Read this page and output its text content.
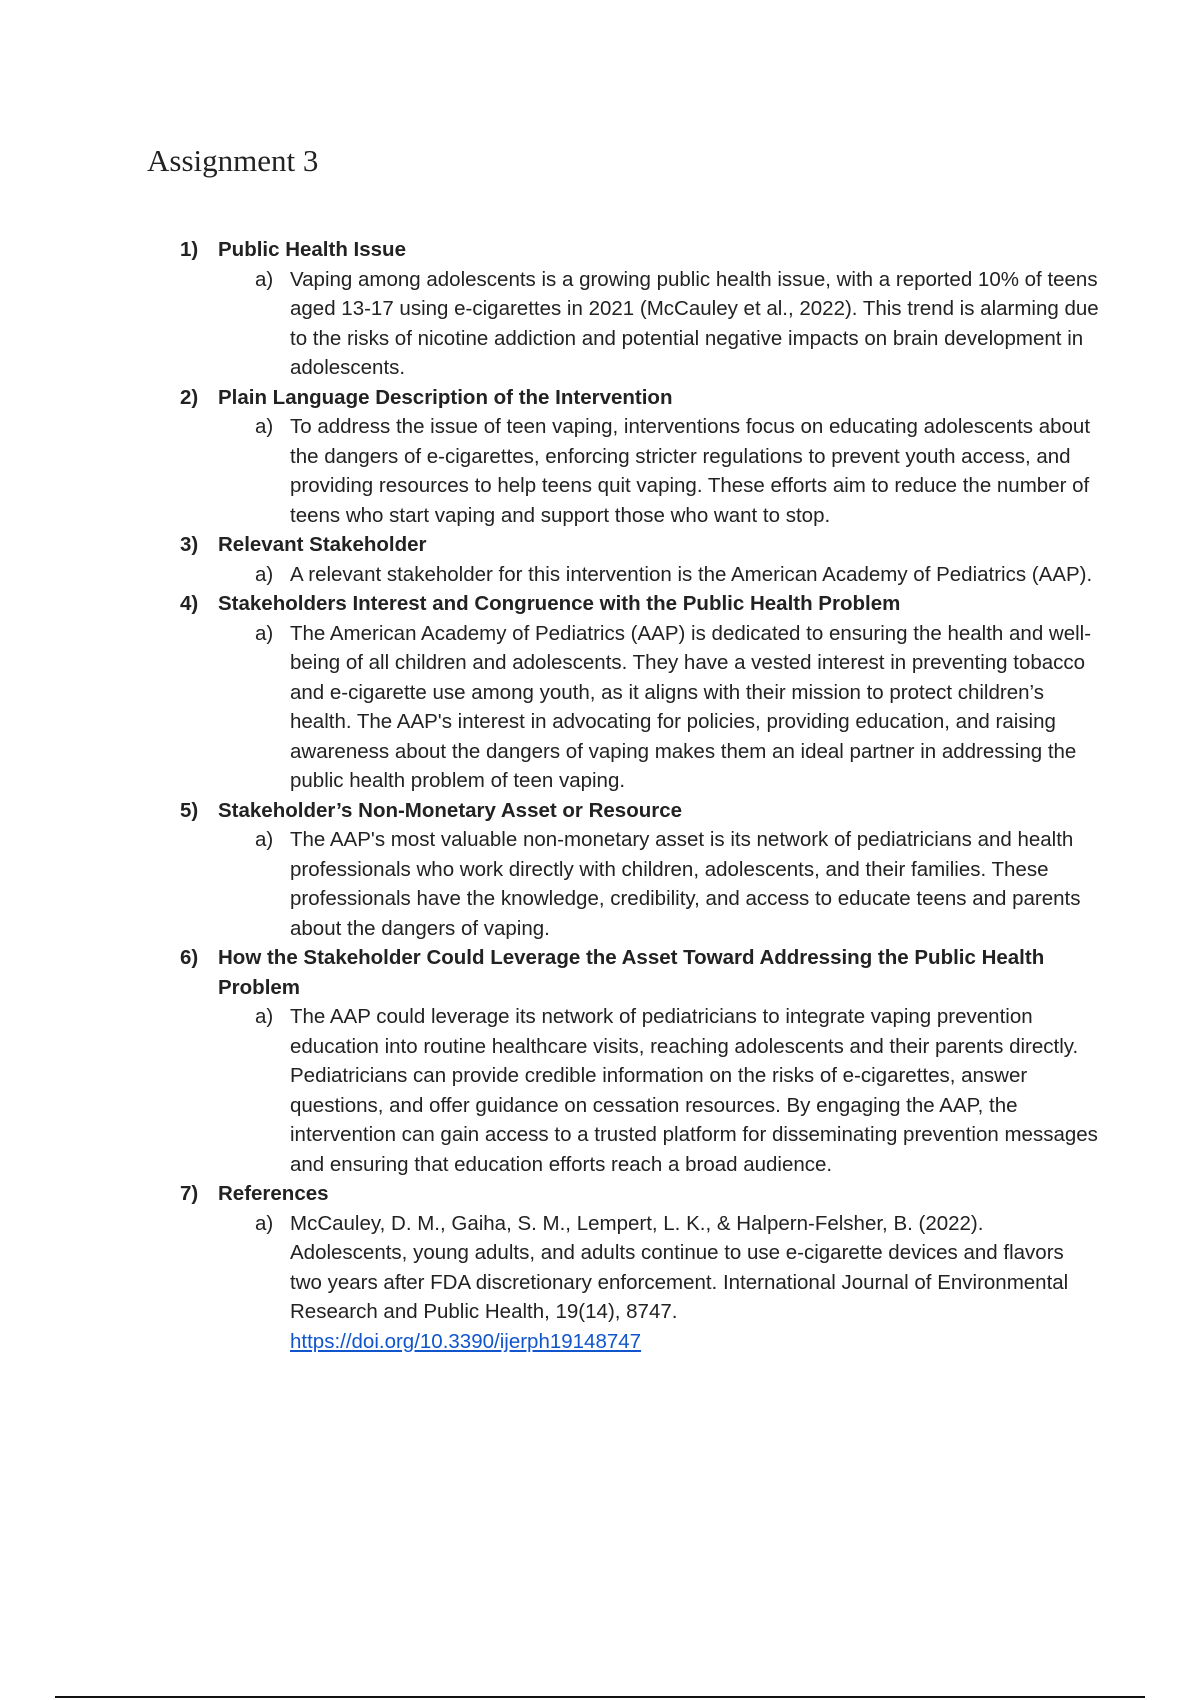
Assignment 3
1) Public Health Issue
a) Vaping among adolescents is a growing public health issue, with a reported 10% of teens aged 13-17 using e-cigarettes in 2021 (McCauley et al., 2022). This trend is alarming due to the risks of nicotine addiction and potential negative impacts on brain development in adolescents.
2) Plain Language Description of the Intervention
a) To address the issue of teen vaping, interventions focus on educating adolescents about the dangers of e-cigarettes, enforcing stricter regulations to prevent youth access, and providing resources to help teens quit vaping. These efforts aim to reduce the number of teens who start vaping and support those who want to stop.
3) Relevant Stakeholder
a) A relevant stakeholder for this intervention is the American Academy of Pediatrics (AAP).
4) Stakeholders Interest and Congruence with the Public Health Problem
a) The American Academy of Pediatrics (AAP) is dedicated to ensuring the health and well-being of all children and adolescents. They have a vested interest in preventing tobacco and e-cigarette use among youth, as it aligns with their mission to protect children’s health. The AAP's interest in advocating for policies, providing education, and raising awareness about the dangers of vaping makes them an ideal partner in addressing the public health problem of teen vaping.
5) Stakeholder’s Non-Monetary Asset or Resource
a) The AAP's most valuable non-monetary asset is its network of pediatricians and health professionals who work directly with children, adolescents, and their families. These professionals have the knowledge, credibility, and access to educate teens and parents about the dangers of vaping.
6) How the Stakeholder Could Leverage the Asset Toward Addressing the Public Health Problem
a) The AAP could leverage its network of pediatricians to integrate vaping prevention education into routine healthcare visits, reaching adolescents and their parents directly. Pediatricians can provide credible information on the risks of e-cigarettes, answer questions, and offer guidance on cessation resources. By engaging the AAP, the intervention can gain access to a trusted platform for disseminating prevention messages and ensuring that education efforts reach a broad audience.
7) References
a) McCauley, D. M., Gaiha, S. M., Lempert, L. K., & Halpern-Felsher, B. (2022). Adolescents, young adults, and adults continue to use e-cigarette devices and flavors two years after FDA discretionary enforcement. International Journal of Environmental Research and Public Health, 19(14), 8747.
https://doi.org/10.3390/ijerph19148747
